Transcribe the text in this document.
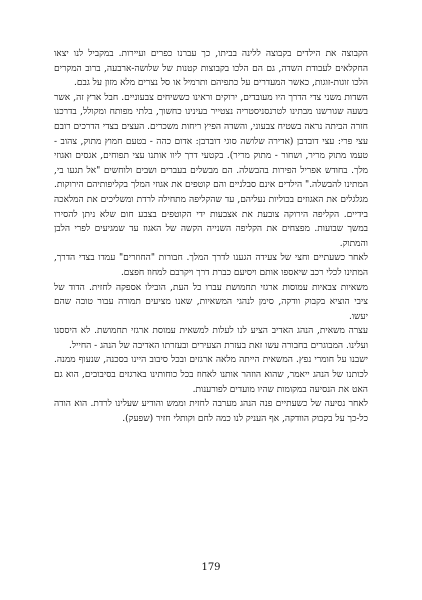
הקבוצה את הילדים בקבוצה ללינה בביתו, כך עברנו כפרים ועיירות. במקביל לנו יצאו החקלאים לעבודת השדה, גם הם הלכו בקבוצות קטנות של שלושה-ארבעה, ברוב המקרים הלכו זוגות-זוגות, כאשר המעדרים על כתפיהם ותרמיל או סל נצרים מלא מזון על גבם.

השדות משני צדי הדרך היו מעובדים, ירוקים וראינו כששיחים צבעוניים. חבל ארץ זה, אשר בשעה שגורשנו מבתינו לטרנסניסטריה נצטייר בעינינו כחשוך, בלתי מפותח ומקולל, בדרכנו חזרה הביתה נראה בשטיח צבעוני, והשדה הפיץ ריחות משכרים. העצים בצדי הדרכים רובם עצי פרי: עצי דובדבן (אדירה שלושה סוגי דובדבן: אדום כהה - בטעם חמוץ מתוק, צהוב - טעמו מתוק מריר, ושחור - מתוק מריר). בקטעי דרך ליוו אותנו עצי תפוחים, אגסים ואגוזי מלך. בחודש אפריל הפירות בהבשלה. הם מבשלים בעברים ושבים ולוחשים "אל תגעו בי, המתינו להבשלה." הילדים אינם סבלניים והם קוטפים את אגוזי המלך בקליפותיהם הירוקות. מגלגלים את האגוזים בכוליות נעליהם, עד שהקליפה מתחילה לרדת ומשליכים את המלאכה בידיים. הקליפה הירוקה צובעת את אצבעות ידי הקוטפים בצבע חום שלא ניתן להסירו במשך שבועות. מפצחים את הקליפה השנייה הקשה של האגוז עד שמגיעים לפרי הלבן והמתוק.

לאחר כשעתיים וחצי של צעידה הגענו לדרך המלך. חבורות "החוזרים" עמדו בצדי הדרך, המתינו לכלי רכב שיאספו אותם ויסיעם כברת דרך ויקרבם למחוז חפצם.

משאיות צבאיות עמוסות ארגזי תחמושת עברו כל העת, הובילו אספקה לחזית. הדוד של ציבי הוציא בקבוק וודקה, סימן לנהגי המשאיות, שאנו מציעים תמורה עבור טובה שהם יעשו.

עצרה משאית, הנהג האדיב הציע לנו לעלות למשאית עמוסת ארגזי תחמושת. לא היססנו ועלינו. המבוגרים בחבורה עשו זאת בעזרת הצעירים ובעזרתו האדיבה של הנהג - החייל.

ישבנו על חומרי נפץ. המשאית הייתה מלאה ארגזים ובכל סיבוב היינו בסכנה, שנעוף ממנה. לכותנו של הנהג ייאמר, שהוא הוזהר אותנו לאחוז בכל כוחותינו בארגזים בסיבובים, הוא גם האט את הנסיעה במקומות שהיו מועדים לפורענות.

לאחר נסיעה של כשעתיים פנה הנהג מערבה לחזית וממש והודיע שעלינו לרדת. הוא הודה כל-כך על בקבוק הוודקה, אף העניק לנו כמה לחם וקותלי חזיר (שפעק).

179
